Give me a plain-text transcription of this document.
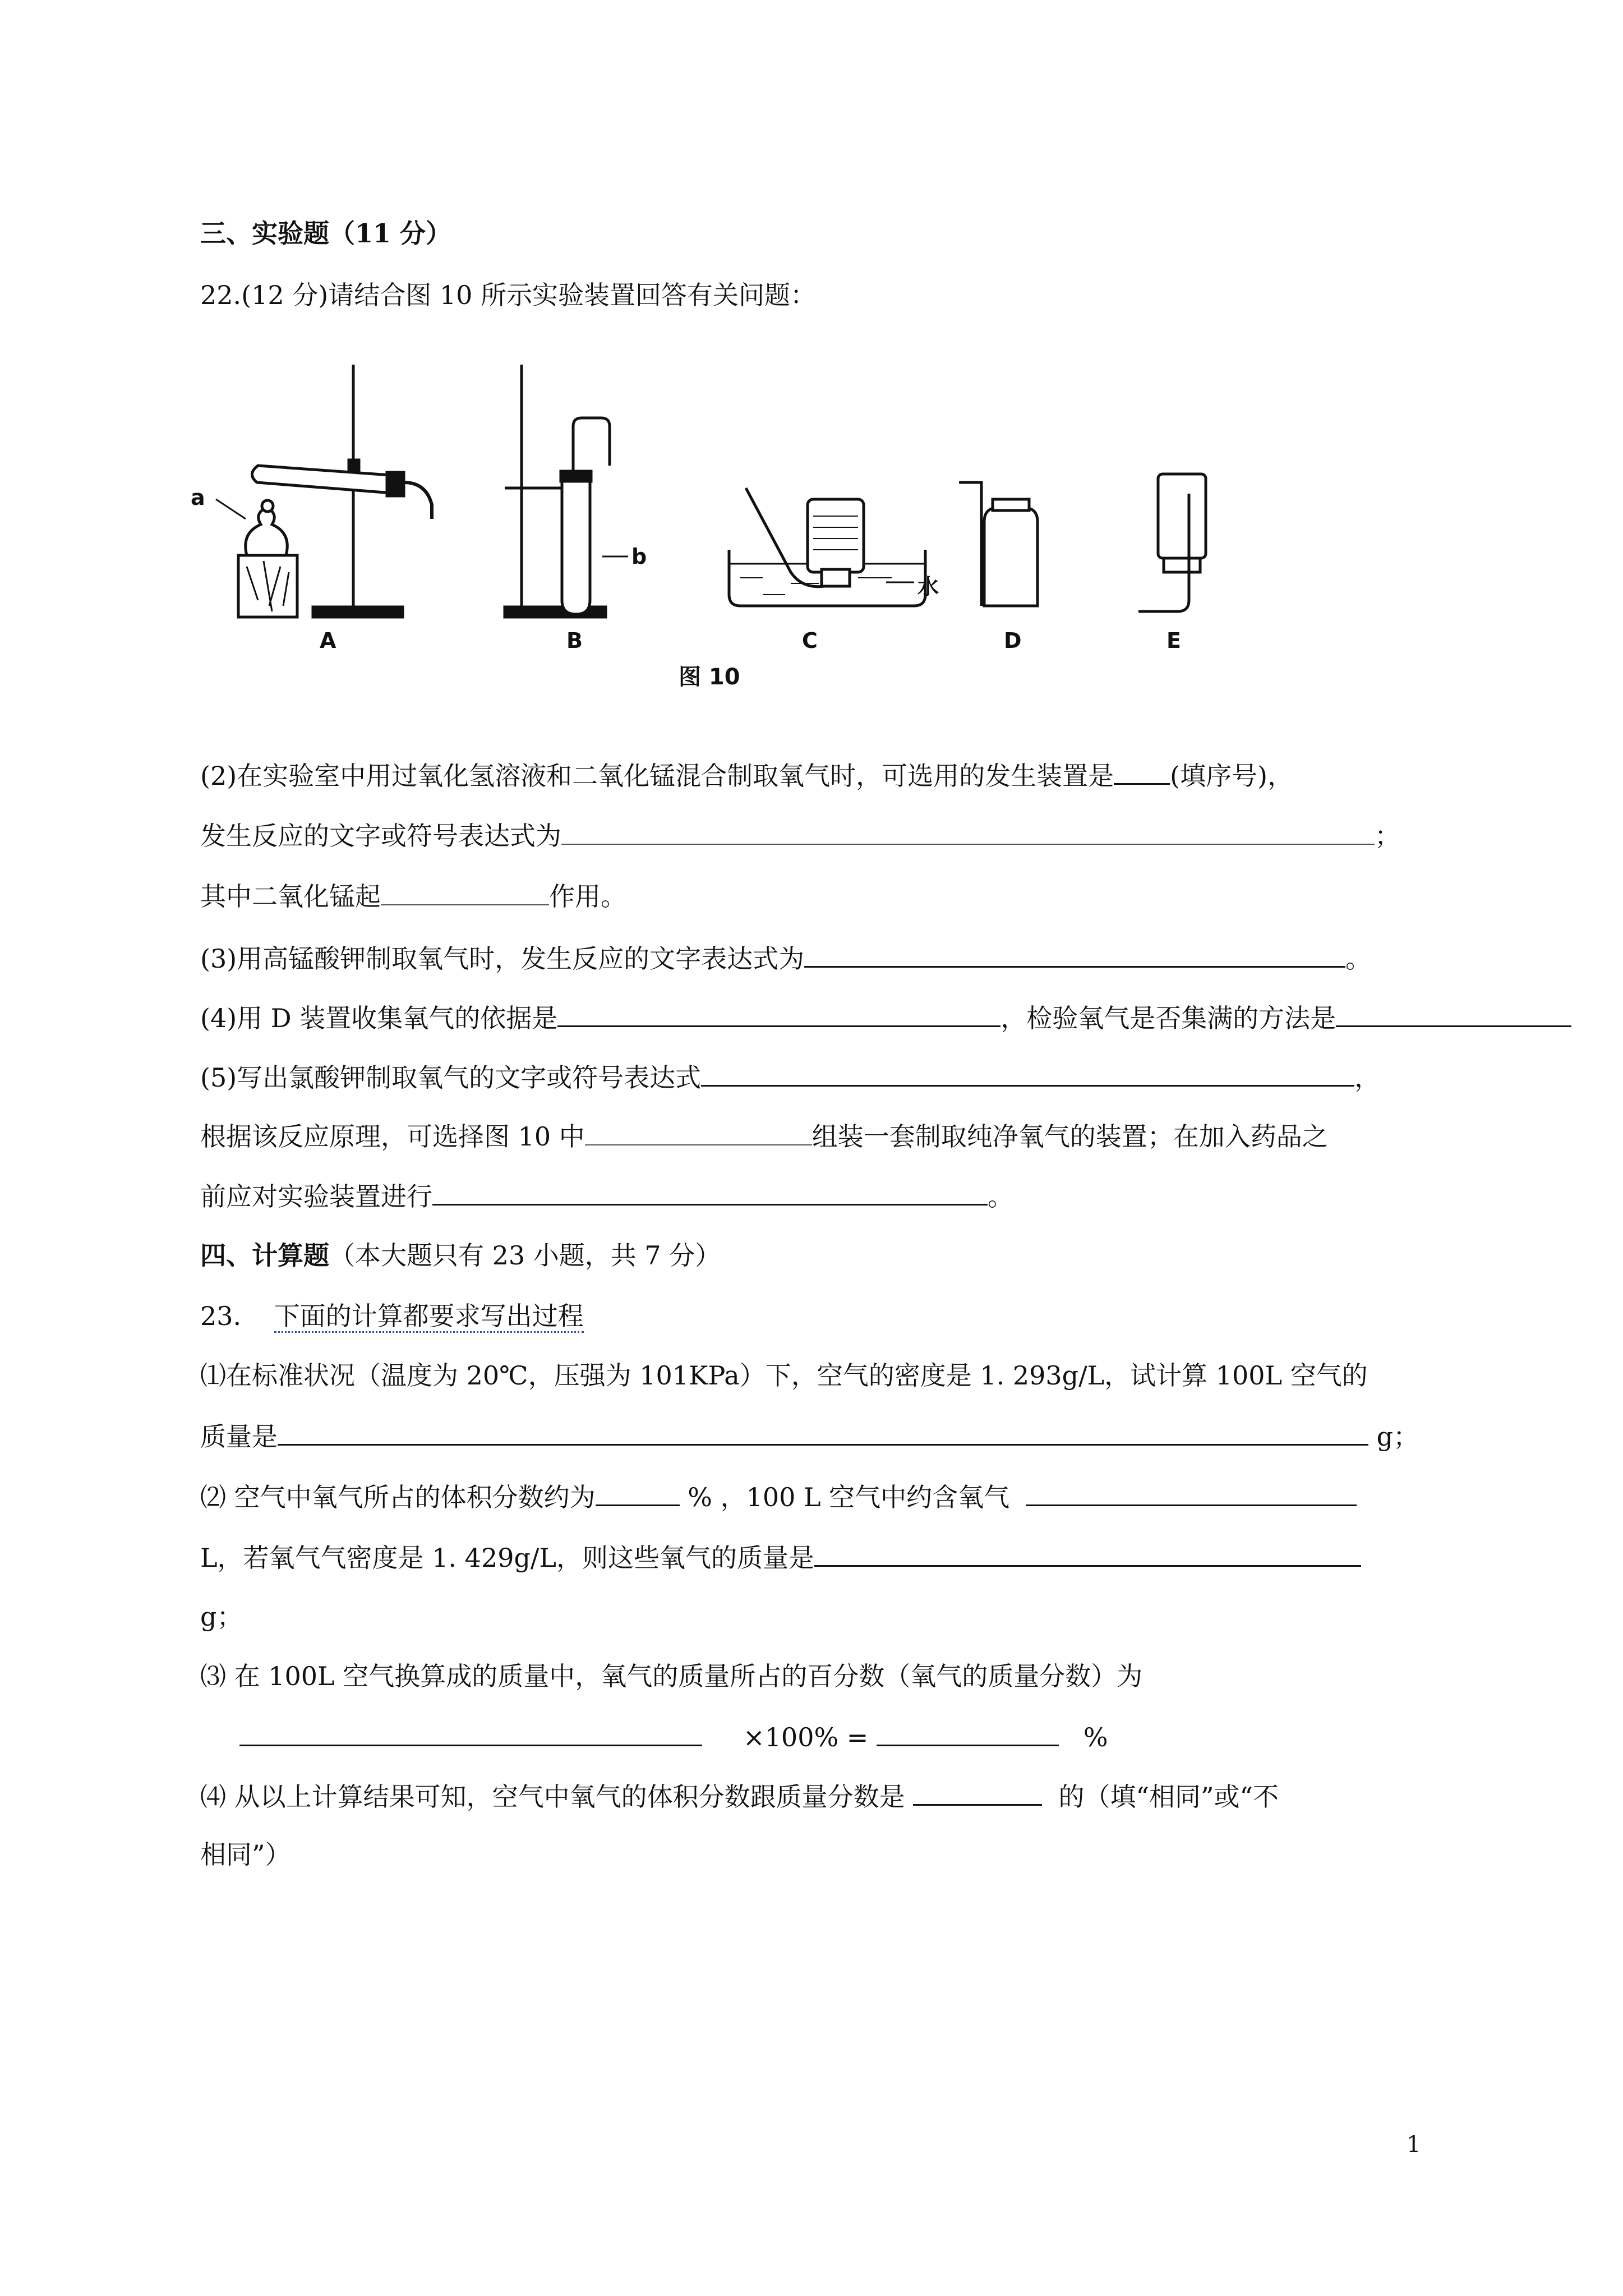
三、实验题（11 分）
22.(12 分)请结合图 10 所示实验装置回答有关问题：
a
b
水
A	B	C	D	E
图 10
(2)在实验室中用过氧化氢溶液和二氧化锰混合制取氧气时，可选用的发生装置是 (填序号)，
发生反应的文字或符号表达式为	；
其中二氧化锰起	作用。
(3)用高锰酸钾制取氧气时，发生反应的文字表达式为	。
(4)用 D 装置收集氧气的依据是	，检验氧气是否集满的方法是
(5)写出氯酸钾制取氧气的文字或符号表达式	，
根据该反应原理，可选择图 10 中	组装一套制取纯净氧气的装置；在加入药品之
前应对实验装置进行	。
四、计算题（本大题只有 23 小题，共 7 分）
23. 下面的计算都要求写出过程
⑴在标准状况（温度为 20℃，压强为 101KPa）下，空气的密度是 1. 293g/L，试计算 100L 空气的
质量是	g；
⑵ 空气中氧气所占的体积分数约为	% ，100 L 空气中约含氧气
L，若氧气气密度是 1. 429g/L，则这些氧气的质量是
g；
⑶ 在 100L 空气换算成的质量中，氧气的质量所占的百分数（氧气的质量分数）为
×100% =	%
⑷ 从以上计算结果可知，空气中氧气的体积分数跟质量分数是	的（填“相同”或“不
相同”）
1
